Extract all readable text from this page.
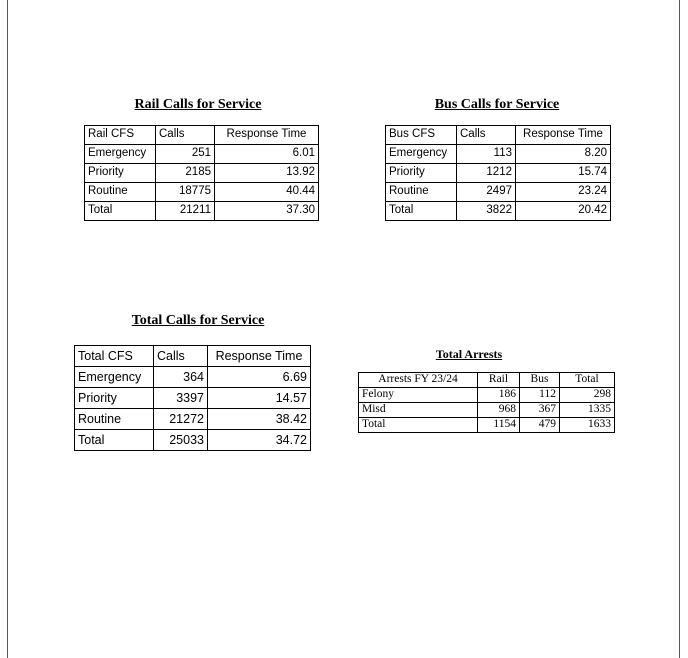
Rail Calls for Service
Rail CFS	Calls	Response Time
Emergency	251	6.01
Priority	2185	13.92
Routine	18775	40.44
Total	21211	37.30
Bus Calls for Service
Bus CFS	Calls	Response Time
Emergency	113	8.20
Priority	1212	15.74
Routine	2497	23.24
Total	3822	20.42
Total Calls for Service
Total CFS	Calls	Response Time
Emergency	364	6.69
Priority	3397	14.57
Routine	21272	38.42
Total	25033	34.72
Total Arrests
Arrests FY 23/24	Rail	Bus	Total
Felony	186	112	298
Misd	968	367	1335
Total	1154	479	1633
